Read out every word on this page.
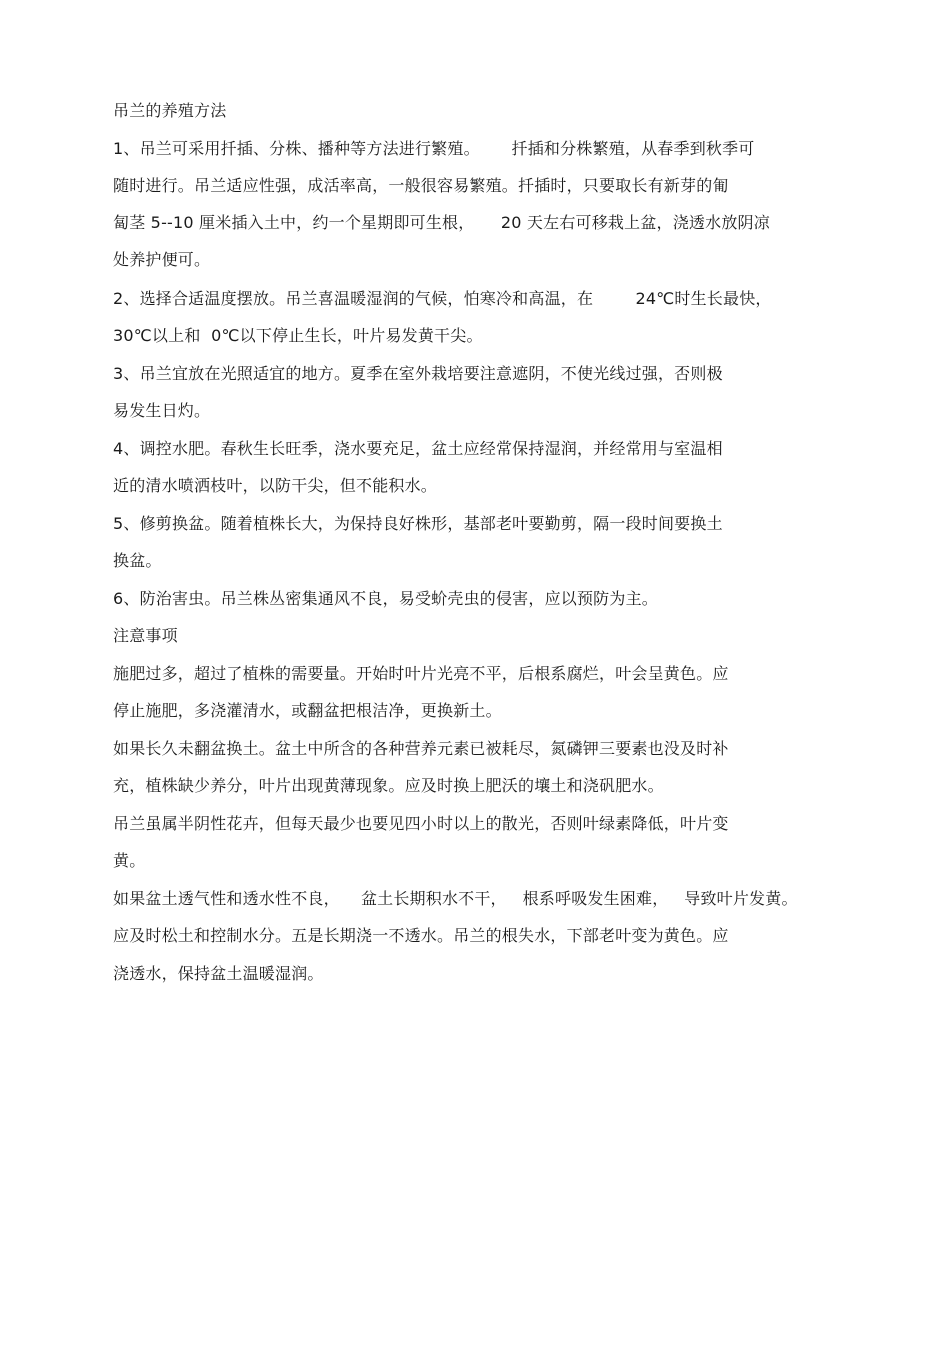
吊兰的养殖方法
1、吊兰可采用扦插、分株、播种等方法进行繁殖。      扦插和分株繁殖，从春季到秋季可
随时进行。吊兰适应性强，成活率高，一般很容易繁殖。扦插时，只要取长有新芽的匍
匐茎 5--10 厘米插入土中，约一个星期即可生根，     20 天左右可移栽上盆，浇透水放阴凉
处养护便可。
2、选择合适温度摆放。吊兰喜温暖湿润的气候，怕寒冷和高温，在        24℃时生长最快，
30℃以上和  0℃以下停止生长，叶片易发黄干尖。
3、吊兰宜放在光照适宜的地方。夏季在室外栽培要注意遮阴，不使光线过强，否则极
易发生日灼。
4、调控水肥。春秋生长旺季，浇水要充足，盆土应经常保持湿润，并经常用与室温相
近的清水喷洒枝叶，以防干尖，但不能积水。
5、修剪换盆。随着植株长大，为保持良好株形，基部老叶要勤剪，隔一段时间要换土
换盆。
6、防治害虫。吊兰株丛密集通风不良，易受蚧壳虫的侵害，应以预防为主。
注意事项
施肥过多，超过了植株的需要量。开始时叶片光亮不平，后根系腐烂，叶会呈黄色。应
停止施肥，多浇灌清水，或翻盆把根洁净，更换新土。
如果长久未翻盆换土。盆土中所含的各种营养元素已被耗尽，氮磷钾三要素也没及时补
充，植株缺少养分，叶片出现黄薄现象。应及时换上肥沃的壤土和浇矾肥水。
吊兰虽属半阴性花卉，但每天最少也要见四小时以上的散光，否则叶绿素降低，叶片变
黄。
如果盆土透气性和透水性不良，    盆土长期积水不干，   根系呼吸发生困难，   导致叶片发黄。
应及时松土和控制水分。五是长期浇一不透水。吊兰的根失水，下部老叶变为黄色。应
浇透水，保持盆土温暖湿润。
